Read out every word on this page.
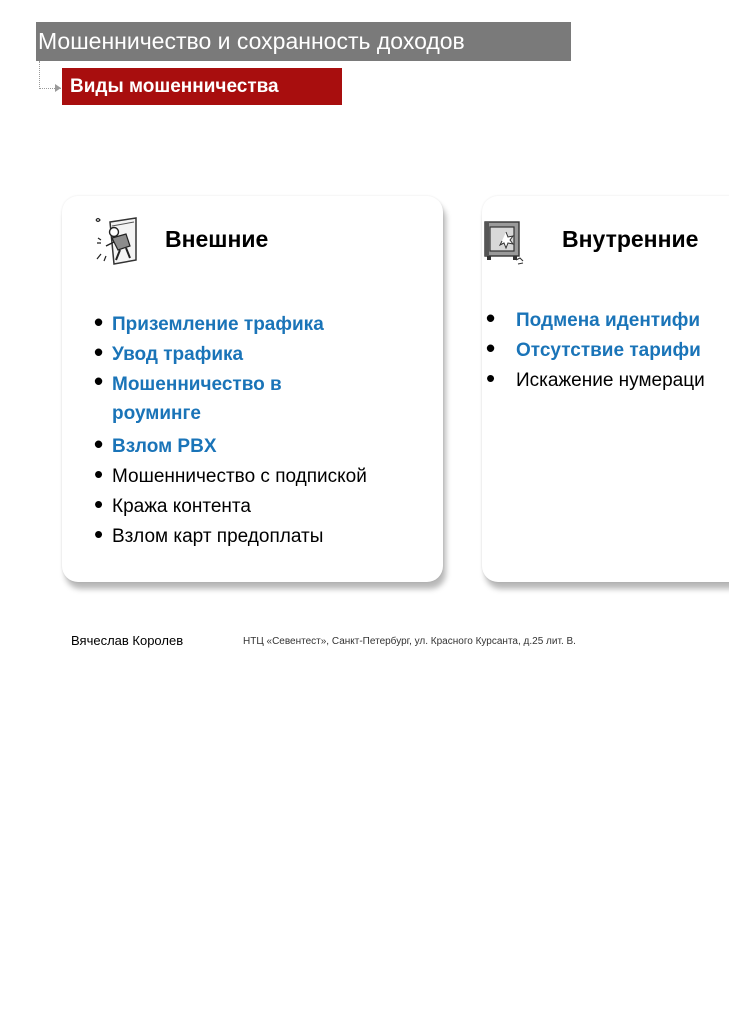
Мошенничество и сохранность доходов
Виды мошенничества
Внешние
• Приземление трафика
• Увод трафика
• Мошенничество в роуминге
• Взлом PBX
• Мошенничество с подпиской
• Кража контента
• Взлом карт предоплаты
Внутренние
• Подмена идентифи
• Отсутствие тарифи
• Искажение нумераци
Вячеслав Королев	НТЦ «Севентест», Санкт-Петербург, ул. Красного Курсанта, д.25 лит. В.
